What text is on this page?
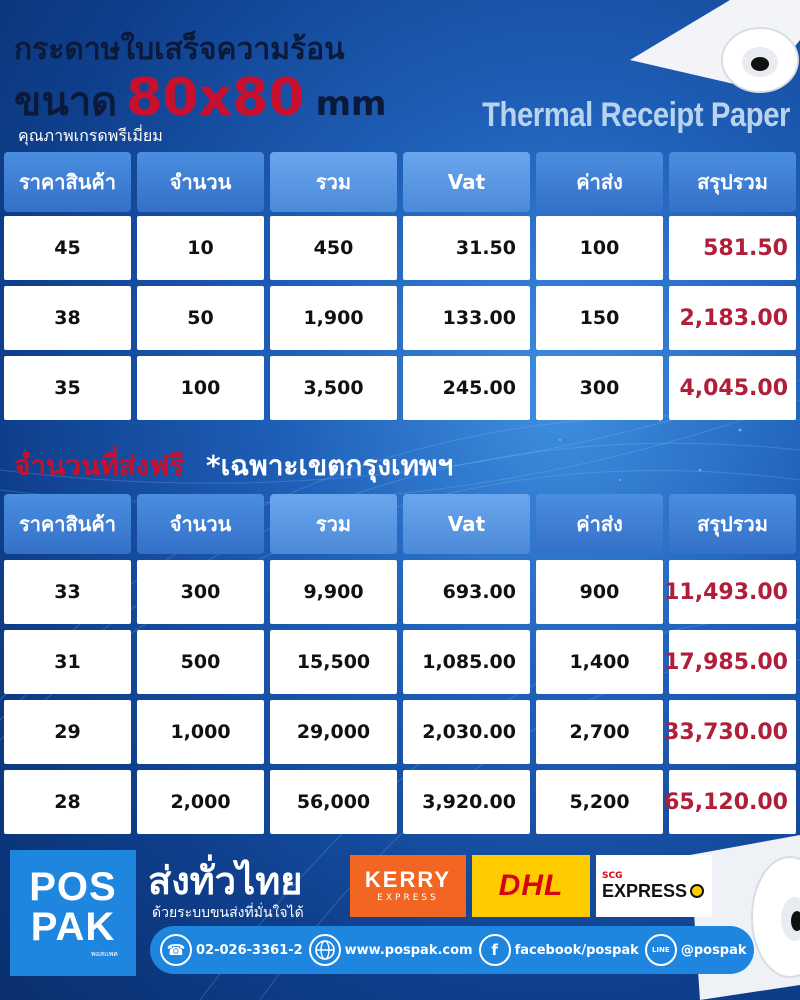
กระดาษใบเสร็จความร้อน
ขนาด 80x80 mm
คุณภาพเกรดพรีเมี่ยม
Thermal Receipt Paper
ราคาสินค้า	จำนวน	รวม	Vat	ค่าส่ง	สรุปรวม
45	10	450	31.50	100	581.50
38	50	1,900	133.00	150	2,183.00
35	100	3,500	245.00	300	4,045.00
จำนวนที่ส่งฟรี *เฉพาะเขตกรุงเทพฯ
ราคาสินค้า	จำนวน	รวม	Vat	ค่าส่ง	สรุปรวม
33	300	9,900	693.00	900	11,493.00
31	500	15,500	1,085.00	1,400	17,985.00
29	1,000	29,000	2,030.00	2,700	33,730.00
28	2,000	56,000	3,920.00	5,200	65,120.00
POS
PAK
พอสแพค
ส่งทั่วไทย
ด้วยระบบขนส่งที่มั่นใจได้
KERRY
EXPRESS DHL	SCG
EXPRESS
☎ 02-026-3361-2	www.pospak.com	f	facebook/pospak	LINE @pospak
